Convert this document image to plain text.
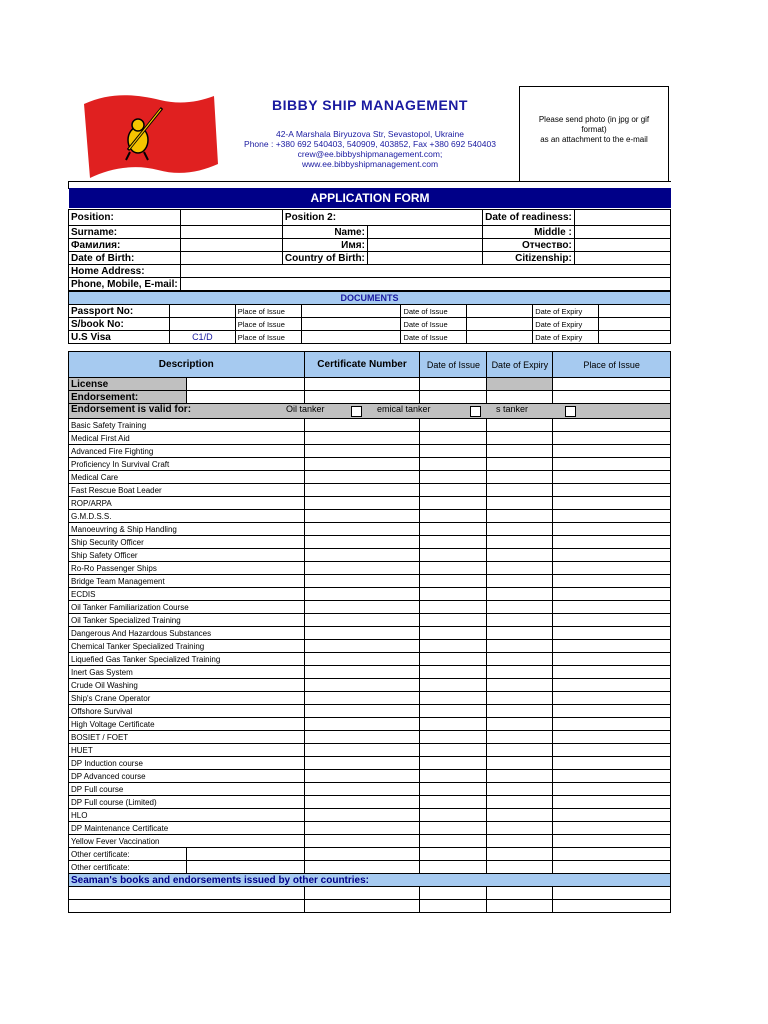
BIBBY SHIP MANAGEMENT
42-A Marshala Biryuzova Str, Sevastopol, Ukraine
Phone : +380 692 540403, 540909, 403852, Fax +380 692 540403
crew@ee.bibbyshipmanagement.com;
www.ee.bibbyshipmanagement.com
Please send photo (in jpg or gif
format)
as an attachment to the e-mail
APPLICATION FORM
Position:		Position 2:		Date of readiness:	
Surname:		Name:		Middle :	
Фамилия:		Имя:		Отчество:	
Date of Birth:		Country of Birth:		Citizenship:	
Home Address:					
Phone, Mobile, E-mail:					
DOCUMENTS							
Passport No:		Place of Issue		Date of Issue		Date of Expiry	
S/book No:		Place of Issue		Date of Issue		Date of Expiry	
U.S Visa	C1/D	Place of Issue		Date of Issue		Date of Expiry	
Description		Certificate Number	Date of Issue	Date of Expiry	Place of Issue
License					
Endorsement:					

Endorsement is valid for: Oil tanker emical tanker s tanker					

Basic Safety Training					
Medical First Aid					
Advanced Fire Fighting					
Proficiency In Survival Craft					
Medical Care					
Fast Rescue Boat Leader					
ROP/ARPA					
G.M.D.S.S.					
Manoeuvring & Ship Handling					
Ship Security Officer					
Ship Safety Officer					
Ro-Ro Passenger Ships					
Bridge Team Management					
ECDIS					
Oil Tanker Familiarization Course					
Oil Tanker Specialized Training					
Dangerous And Hazardous Substances					
Chemical Tanker Specialized Training					
Liquefied Gas Tanker Specialized Training					
Inert Gas System					
Crude Oil Washing					
Ship's Crane Operator					
Offshore Survival					
High Voltage Certificate					
BOSIET / FOET					
HUET					
DP Induction course					
DP Advanced course					
DP Full course					
DP Full course (Limited)					
HLO					
DP Maintenance Certificate					
Yellow Fever Vaccination					
Other certificate:					
Other certificate:					
Seaman's books and endorsements issued by other countries:					
